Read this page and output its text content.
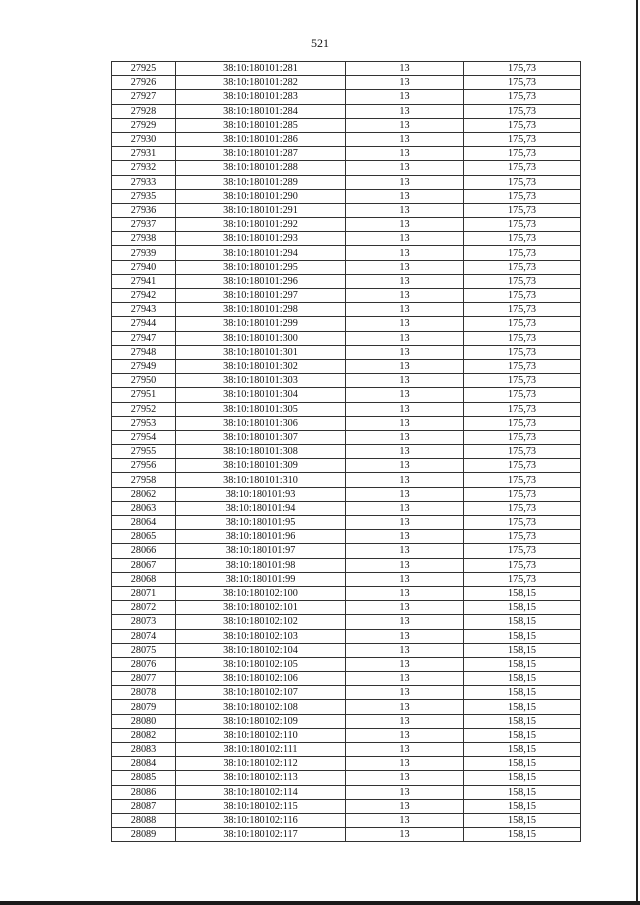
521
27925	38:10:180101:281	13	175,73
27926	38:10:180101:282	13	175,73
27927	38:10:180101:283	13	175,73
27928	38:10:180101:284	13	175,73
27929	38:10:180101:285	13	175,73
27930	38:10:180101:286	13	175,73
27931	38:10:180101:287	13	175,73
27932	38:10:180101:288	13	175,73
27933	38:10:180101:289	13	175,73
27935	38:10:180101:290	13	175,73
27936	38:10:180101:291	13	175,73
27937	38:10:180101:292	13	175,73
27938	38:10:180101:293	13	175,73
27939	38:10:180101:294	13	175,73
27940	38:10:180101:295	13	175,73
27941	38:10:180101:296	13	175,73
27942	38:10:180101:297	13	175,73
27943	38:10:180101:298	13	175,73
27944	38:10:180101:299	13	175,73
27947	38:10:180101:300	13	175,73
27948	38:10:180101:301	13	175,73
27949	38:10:180101:302	13	175,73
27950	38:10:180101:303	13	175,73
27951	38:10:180101:304	13	175,73
27952	38:10:180101:305	13	175,73
27953	38:10:180101:306	13	175,73
27954	38:10:180101:307	13	175,73
27955	38:10:180101:308	13	175,73
27956	38:10:180101:309	13	175,73
27958	38:10:180101:310	13	175,73
28062	38:10:180101:93	13	175,73
28063	38:10:180101:94	13	175,73
28064	38:10:180101:95	13	175,73
28065	38:10:180101:96	13	175,73
28066	38:10:180101:97	13	175,73
28067	38:10:180101:98	13	175,73
28068	38:10:180101:99	13	175,73
28071	38:10:180102:100	13	158,15
28072	38:10:180102:101	13	158,15
28073	38:10:180102:102	13	158,15
28074	38:10:180102:103	13	158,15
28075	38:10:180102:104	13	158,15
28076	38:10:180102:105	13	158,15
28077	38:10:180102:106	13	158,15
28078	38:10:180102:107	13	158,15
28079	38:10:180102:108	13	158,15
28080	38:10:180102:109	13	158,15
28082	38:10:180102:110	13	158,15
28083	38:10:180102:111	13	158,15
28084	38:10:180102:112	13	158,15
28085	38:10:180102:113	13	158,15
28086	38:10:180102:114	13	158,15
28087	38:10:180102:115	13	158,15
28088	38:10:180102:116	13	158,15
28089	38:10:180102:117	13	158,15
